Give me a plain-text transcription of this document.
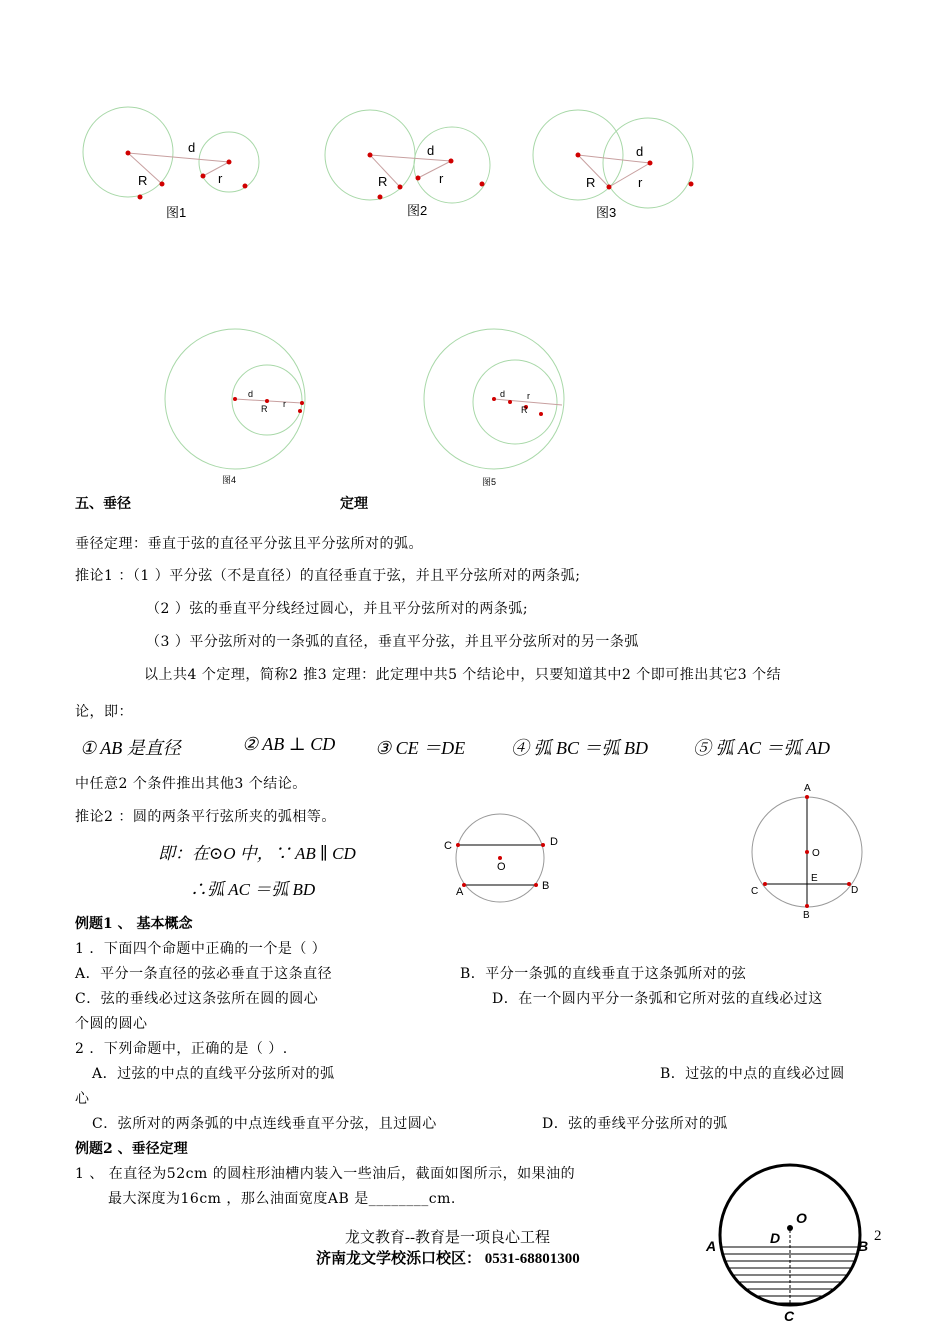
d
R	r
图1
d
R	r
图2
d
R	r
图3
d
R r
图4
d
R
r
图5
五、垂径	定理
垂径定理：垂直于弦的直径平分弦且平分弦所对的弧。
推论1 ：（1 ）平分弦（不是直径）的直径垂直于弦，并且平分弦所对的两条弧;
（2 ）弦的垂直平分线经过圆心，并且平分弦所对的两条弧;
（3 ）平分弦所对的一条弧的直径，垂直平分弦，并且平分弦所对的另一条弧
以上共4 个定理，简称2 推3 定理：此定理中共5 个结论中，只要知道其中2 个即可推出其它3 个结
论，即：
① AB 是直径	② AB ⊥ CD ③ CE ＝DE	④ 弧 BC ＝弧 BD	⑤ 弧 AC ＝弧 AD
中任意2 个条件推出其他3 个结论。
推论2 ：圆的两条平行弦所夹的弧相等。
即：在⊙O 中，∵ AB ∥ CD
∴弧 AC ＝弧 BD
C	D
O
A	B
A
O
E
C	D
B
例题1 、 基本概念
1 ．下面四个命题中正确的一个是（ ）
A．平分一条直径的弦必垂直于这条直径	B．平分一条弧的直线垂直于这条弧所对的弦
C．弦的垂线必过这条弦所在圆的圆心	D．在一个圆内平分一条弧和它所对弦的直线必过这
个圆的圆心
2 ．下列命题中，正确的是（ ）.
A．过弦的中点的直线平分弦所对的弧	B．过弦的中点的直线必过圆
心
C．弦所对的两条弧的中点连线垂直平分弦，且过圆心	D．弦的垂线平分弦所对的弧
例题2 、垂径定理
1 、 在直径为52cm 的圆柱形油槽内装入一些油后，截面如图所示，如果油的
最大深度为16cm ，那么油面宽度AB 是________cm.
O
D
A	B
C
龙文教育--教育是一项良心工程
济南龙文学校泺口校区： 0531-68801300
2
